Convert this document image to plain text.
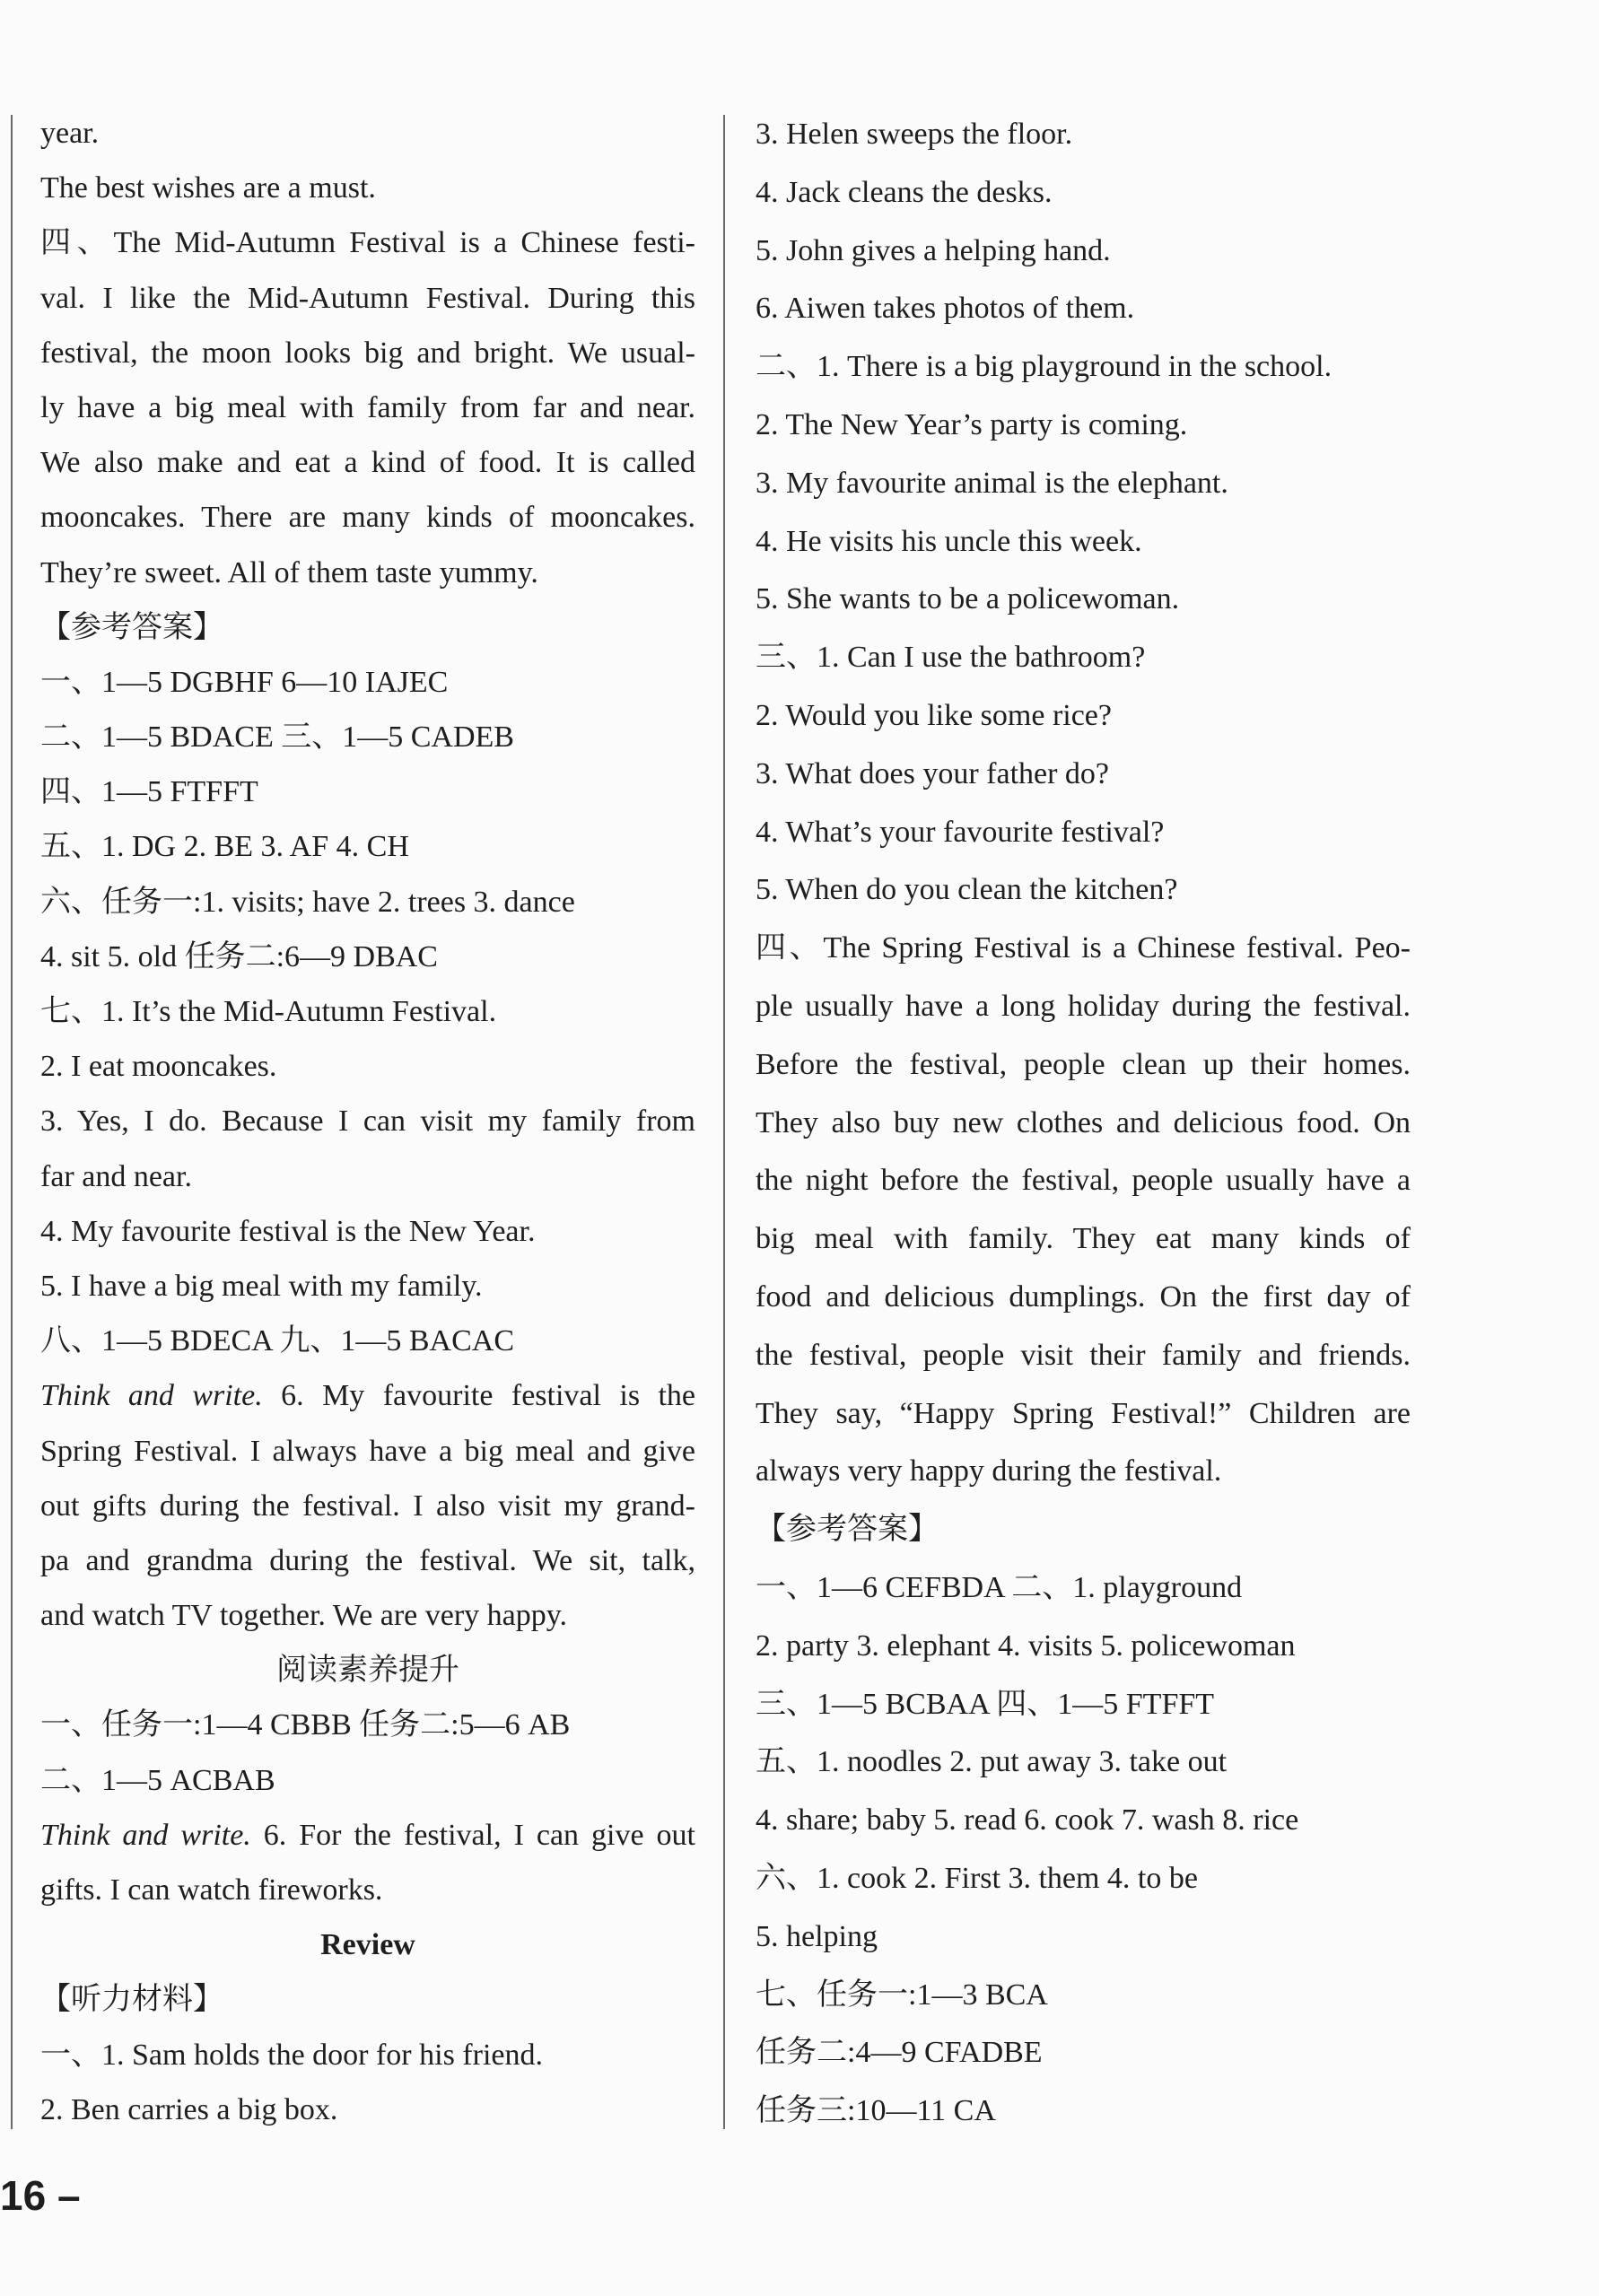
year.

The best wishes are a must.

四、The Mid-Autumn Festival is a Chinese festi-

val. I like the Mid-Autumn Festival. During this

festival, the moon looks big and bright. We usual-

ly have a big meal with family from far and near.

We also make and eat a kind of food. It is called

mooncakes. There are many kinds of mooncakes.

They’re sweet. All of them taste yummy.

【参考答案】

一、1—5 DGBHF 6—10 IAJEC

二、1—5 BDACE 三、1—5 CADEB

四、1—5 FTFFT

五、1. DG 2. BE 3. AF 4. CH

六、任务一:1. visits; have 2. trees 3. dance

4. sit 5. old 任务二:6—9 DBAC

七、1. It’s the Mid-Autumn Festival.

2. I eat mooncakes.

3. Yes, I do. Because I can visit my family from

far and near.

4. My favourite festival is the New Year.

5. I have a big meal with my family.

八、1—5 BDECA 九、1—5 BACAC

Think and write. 6. My favourite festival is the

Spring Festival. I always have a big meal and give

out gifts during the festival. I also visit my grand-

pa and grandma during the festival. We sit, talk,

and watch TV together. We are very happy.

阅读素养提升

一、任务一:1—4 CBBB 任务二:5—6 AB

二、1—5 ACBAB

Think and write. 6. For the festival, I can give out

gifts. I can watch fireworks.

Review

【听力材料】

一、1. Sam holds the door for his friend.

2. Ben carries a big box.

3. Helen sweeps the floor.

4. Jack cleans the desks.

5. John gives a helping hand.

6. Aiwen takes photos of them.

二、1. There is a big playground in the school.

2. The New Year’s party is coming.

3. My favourite animal is the elephant.

4. He visits his uncle this week.

5. She wants to be a policewoman.

三、1. Can I use the bathroom?

2. Would you like some rice?

3. What does your father do?

4. What’s your favourite festival?

5. When do you clean the kitchen?

四、The Spring Festival is a Chinese festival. Peo-

ple usually have a long holiday during the festival.

Before the festival, people clean up their homes.

They also buy new clothes and delicious food. On

the night before the festival, people usually have a

big meal with family. They eat many kinds of

food and delicious dumplings. On the first day of

the festival, people visit their family and friends.

They say, “Happy Spring Festival!” Children are

always very happy during the festival.

【参考答案】

一、1—6 CEFBDA 二、1. playground

2. party 3. elephant 4. visits 5. policewoman

三、1—5 BCBAA 四、1—5 FTFFT

五、1. noodles 2. put away 3. take out

4. share; baby 5. read 6. cook 7. wash 8. rice

六、1. cook 2. First 3. them 4. to be

5. helping

七、任务一:1—3 BCA

任务二:4—9 CFADBE

任务三:10—11 CA

16 –
